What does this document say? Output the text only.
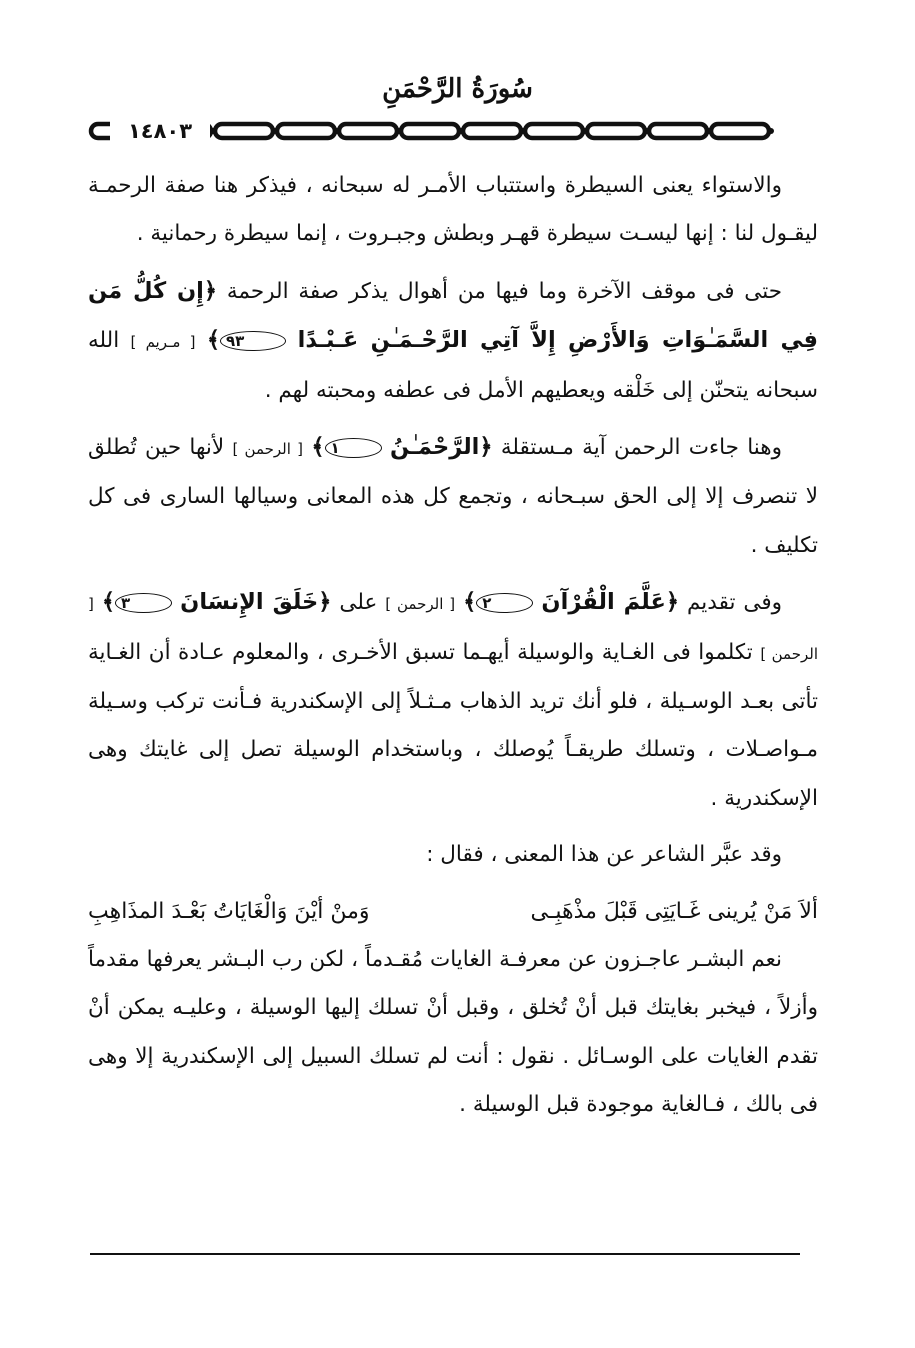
سُورَةُ الرَّحْمَنِ
١٤٨٠٣

والاستواء يعنى السيطرة واستتباب الأمـر له سبحانه ، فيذكر هنا صفة الرحمـة ليقـول لنا : إنها ليسـت سيطرة قهـر وبطش وجبـروت ، إنما سيطرة رحمانية .

حتى فى موقف الآخرة وما فيها من أهوال يذكر صفة الرحمة ﴿إِن كُلُّ مَن فِي السَّمَـٰوَاتِ وَالأَرْضِ إِلاَّ آتِي الرَّحْـمَـٰنِ عَـبْـدًا ٩٣﴾ [ مـريم ] الله سبحانه يتحنّن إلى خَلْقه ويعطيهم الأمل فى عطفه ومحبته لهم .

وهنا جاءت الرحمن آية مـستقلة ﴿الرَّحْمَـٰنُ ١﴾ [ الرحمن ] لأنها حين تُطلق لا تنصرف إلا إلى الحق سبـحانه ، وتجمع كل هذه المعانى وسيالها السارى فى كل تكليف .

وفى تقديم ﴿عَلَّمَ الْقُرْآنَ ٢﴾ [ الرحمن ] على ﴿خَلَقَ الإِنسَانَ ٣﴾ [ الرحمن ] تكلموا فى الغـاية والوسيلة أيهـما تسبق الأخـرى ، والمعلوم عـادة أن الغـاية تأتى بعـد الوسـيلة ، فلو أنك تريد الذهاب مـثـلاً إلى الإسكندرية فـأنت تركب وسـيلة مـواصـلات ، وتسلك طريقـاً يُوصلك ، وباستخدام الوسيلة تصل إلى غايتك وهى الإسكندرية .

وقد عبَّر الشاعر عن هذا المعنى ، فقال :

ألاَ مَنْ يُرينى غَـايَتِى قَبْلَ مذْهَبِـى
وَمنْ أيْنَ وَالْغَايَاتُ بَعْـدَ المذَاهِبِ

نعم البشـر عاجـزون عن معرفـة الغايات مُقـدماً ، لكن رب البـشر يعرفها مقدماً وأزلاً ، فيخبر بغايتك قبل أنْ تُخلق ، وقبل أنْ تسلك إليها الوسيلة ، وعليـه يمكن أنْ تقدم الغايات على الوسـائل . نقول : أنت لم تسلك السبيل إلى الإسكندرية إلا وهى فى بالك ، فـالغاية موجودة قبل الوسيلة .
